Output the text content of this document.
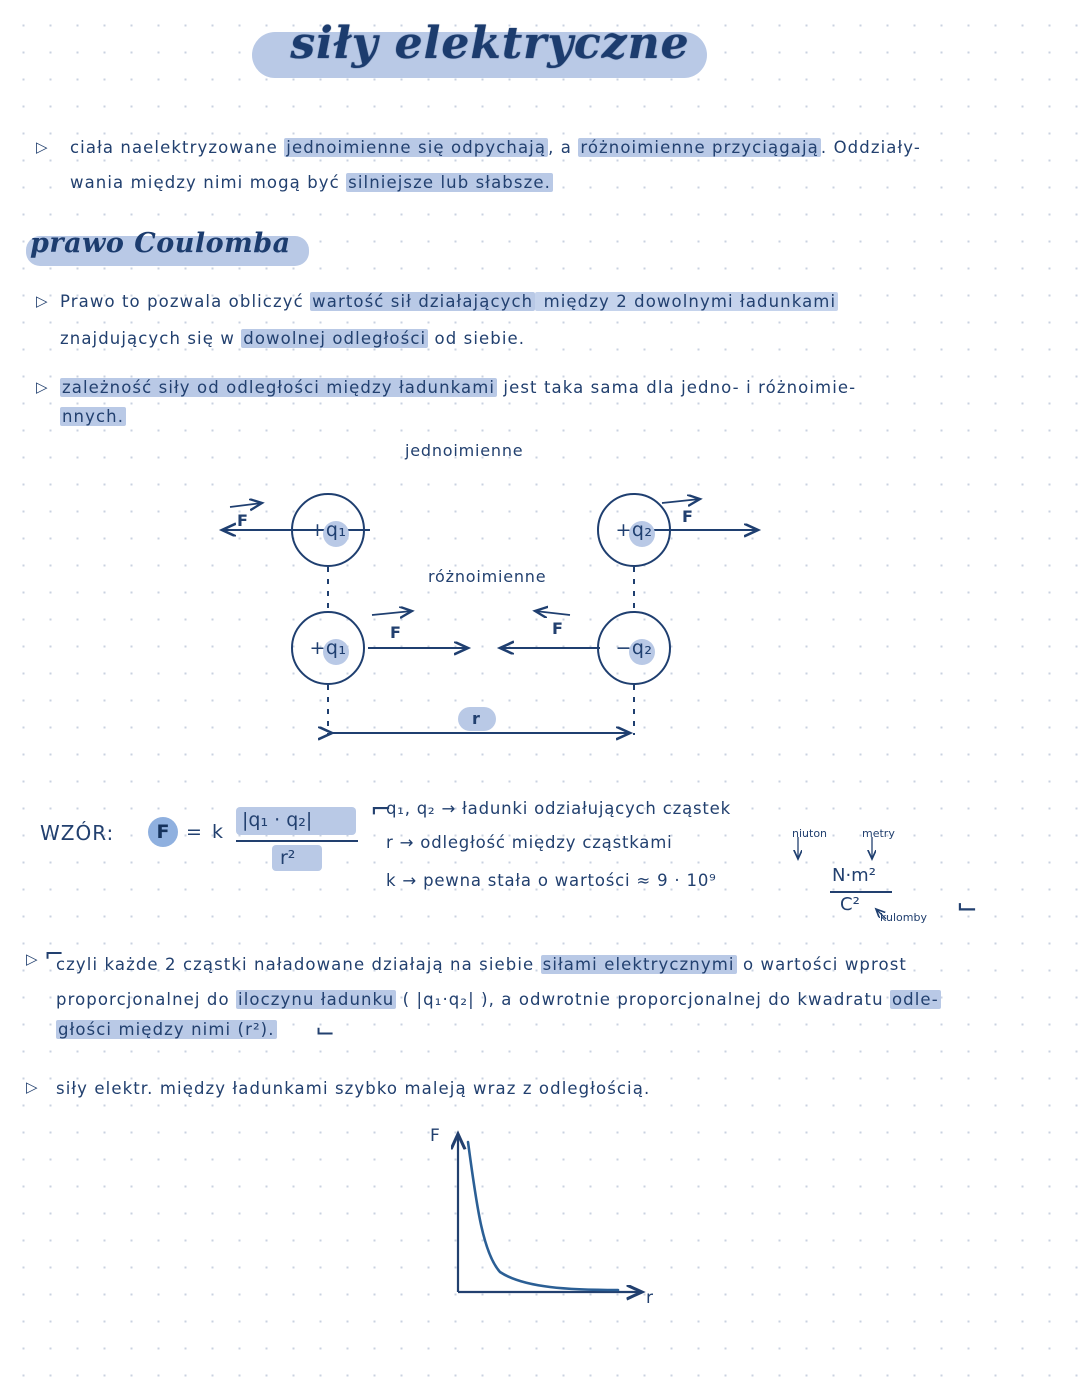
siły elektryczne
▷ ciała naelektryzowane jednoimienne się odpychają , a różnoimienne przyciągają . Oddziały-
wania między nimi mogą być silniejsze lub słabsze.
prawo Coulomba
▷ Prawo to pozwala obliczyć wartość sił działających między 2 dowolnymi ładunkami
znajdujących się w dowolnej odległości od siebie.
▷ zależność siły od odległości między ładunkami jest taka sama dla jedno- i różnoimie-
nnych.
jednoimienne
różnoimienne
+q₁	+q₂
+q₁	−q₂
F	F
F	F
r
WZÓR:	F = k
|q₁ · q₂|
r²
⌐
q₁, q₂ → ładunki odziałujących cząstek
r → odległość między cząstkami
k → pewna stała o wartości ≈ 9 · 10⁹	N·m²
C²
niuton	metry
kulomby ⌙
▷ ⌐
czyli każde 2 cząstki naładowane działają na siebie siłami elektrycznymi o wartości wprost
proporcjonalnej do iloczynu ładunku ( |q₁·q₂| ), a odwrotnie proporcjonalnej do kwadratu odle-
głości między nimi (r²). ⌙
▷ siły elektr. między ładunkami szybko maleją wraz z odległością.
F
r
